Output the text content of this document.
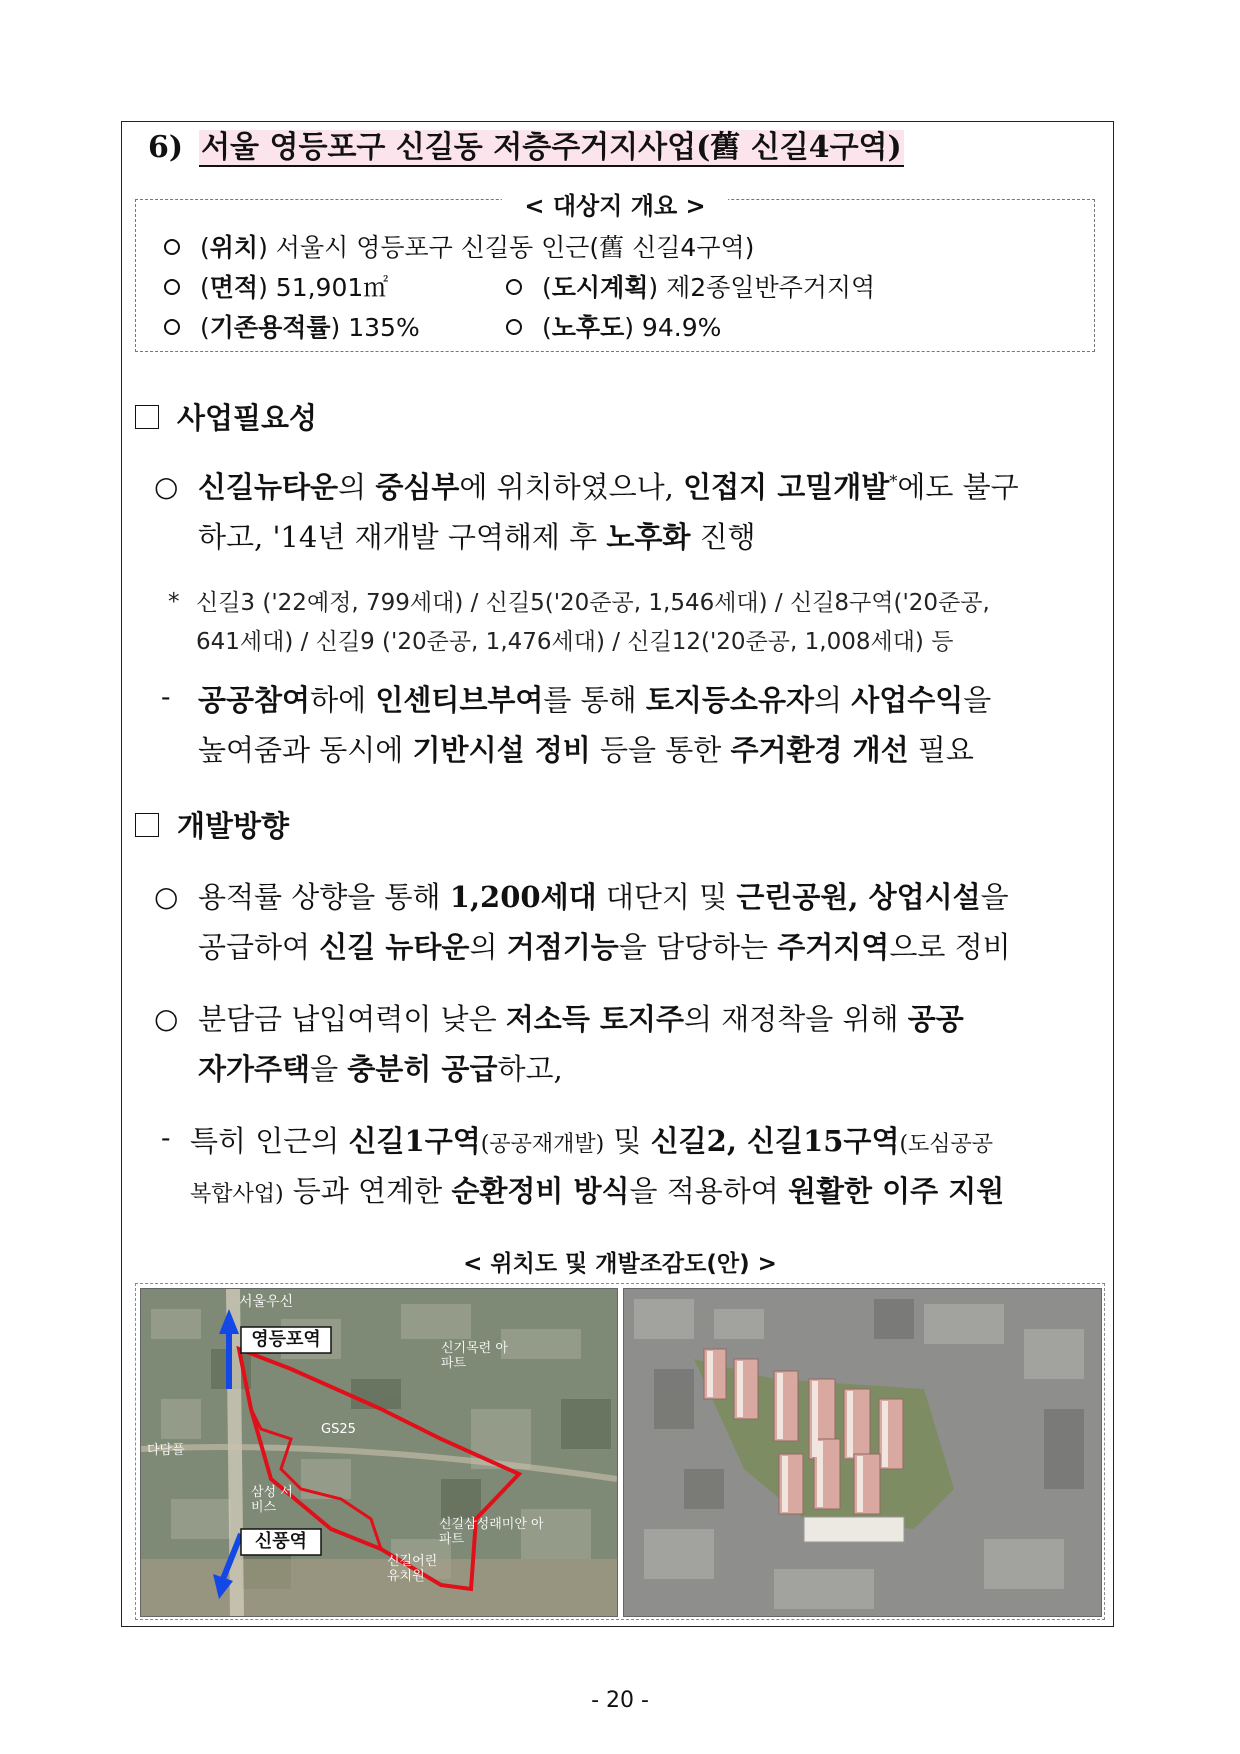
6) 서울 영등포구 신길동 저층주거지사업(舊 신길4구역)
< 대상지 개요 >
(위치) 서울시 영등포구 신길동 인근(舊 신길4구역)
(면적) 51,901㎡	(도시계획) 제2종일반주거지역
(기존용적률) 135%	(노후도) 94.9%
사업필요성
○ 신길뉴타운의 중심부에 위치하였으나, 인접지 고밀개발*에도 불구
하고, '14년 재개발 구역해제 후 노후화 진행
* 신길3 ('22예정, 799세대) / 신길5('20준공, 1,546세대) / 신길8구역('20준공,
641세대) / 신길9 ('20준공, 1,476세대) / 신길12('20준공, 1,008세대) 등
- 공공참여하에 인센티브부여를 통해 토지등소유자의 사업수익을
높여줌과 동시에 기반시설 정비 등을 통한 주거환경 개선 필요
개발방향
○ 용적률 상향을 통해 1,200세대 대단지 및 근린공원, 상업시설을
공급하여 신길 뉴타운의 거점기능을 담당하는 주거지역으로 정비
○ 분담금 납입여력이 낮은 저소득 토지주의 재정착을 위해 공공
자가주택을 충분히 공급하고,
- 특히 인근의 신길1구역(공공재개발) 및 신길2, 신길15구역(도심공공
복합사업) 등과 연계한 순환정비 방식을 적용하여 원활한 이주 지원
< 위치도 및 개발조감도(안) >
영등포역
신풍역
서울우신
신기목련 아파트
GS25
신길삼성래미안 아파트
삼성 서비스
다담플
신길어린 유치원
- 20 -
